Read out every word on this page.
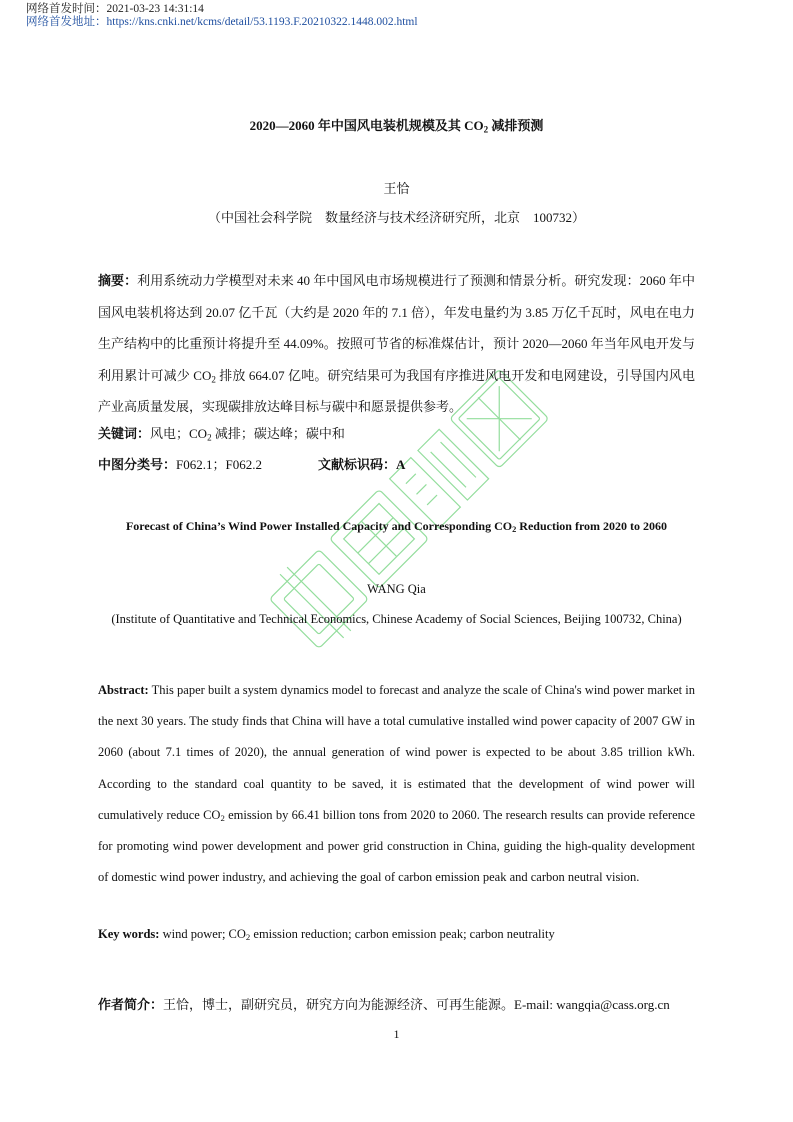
网络首发时间：2021-03-23 14:31:14
网络首发地址：https://kns.cnki.net/kcms/detail/53.1193.F.20210322.1448.002.html
2020—2060 年中国风电装机规模及其 $CO_2$ 减排预测
王恰
（中国社会科学院　数量经济与技术经济研究所，北京　100732）
摘要：利用系统动力学模型对未来 40 年中国风电市场规模进行了预测和情景分析。研究发现：2060 年中国风电装机将达到 20.07 亿千瓦（大约是 2020 年的 7.1 倍），年发电量约为 3.85 万亿千瓦时，风电在电力生产结构中的比重预计将提升至 44.09%。按照可节省的标准煤估计，预计 2020—2060 年当年风电开发与利用累计可减少 $CO_2$ 排放 664.07 亿吨。研究结果可为我国有序推进风电开发和电网建设，引导国内风电产业高质量发展，实现碳排放达峰目标与碳中和愿景提供参考。
关键词：风电；$CO_2$ 减排；碳达峰；碳中和
中图分类号：F062.1；F062.2	文献标识码：A
Forecast of China’s Wind Power Installed Capacity and Corresponding $CO_2$ Reduction from 2020 to 2060
WANG Qia
(Institute of Quantitative and Technical Economics, Chinese Academy of Social Sciences, Beijing 100732, China)
Abstract: This paper built a system dynamics model to forecast and analyze the scale of China's wind power market in the next 30 years. The study finds that China will have a total cumulative installed wind power capacity of 2007 GW in 2060 (about 7.1 times of 2020), the annual generation of wind power is expected to be about 3.85 trillion kWh. According to the standard coal quantity to be saved, it is estimated that the development of wind power will cumulatively reduce $CO_2$ emission by 66.41 billion tons from 2020 to 2060. The research results can provide reference for promoting wind power development and power grid construction in China, guiding the high-quality development of domestic wind power industry, and achieving the goal of carbon emission peak and carbon neutral vision.
Key words: wind power; $CO_2$ emission reduction; carbon emission peak; carbon neutrality
作者简介：王恰，博士，副研究员，研究方向为能源经济、可再生能源。E-mail: wangqia@cass.org.cn
1
